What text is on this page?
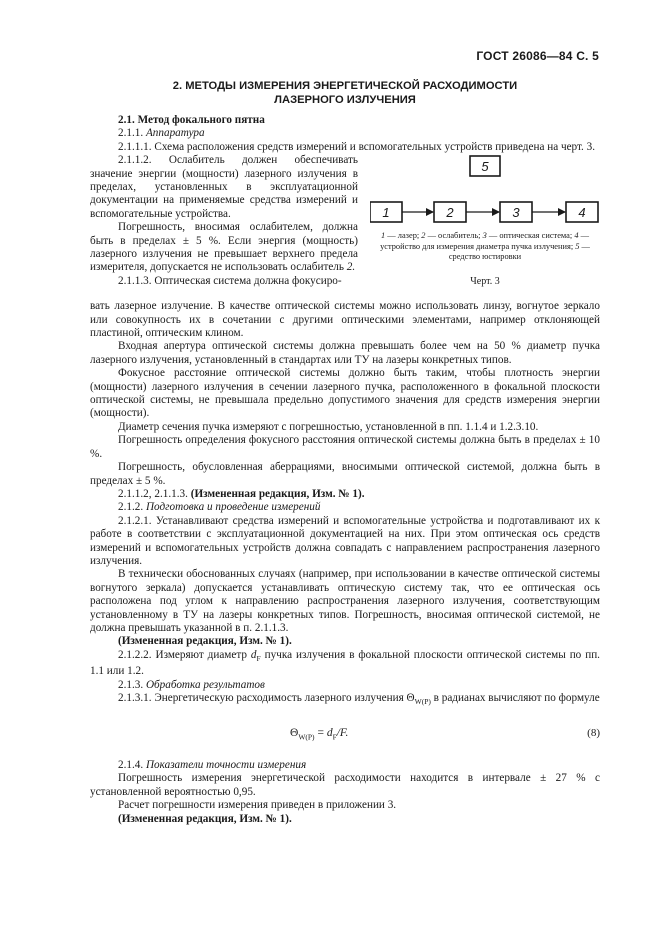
ГОСТ 26086—84 С. 5
2. МЕТОДЫ ИЗМЕРЕНИЯ ЭНЕРГЕТИЧЕСКОЙ РАСХОДИМОСТИ
ЛАЗЕРНОГО ИЗЛУЧЕНИЯ

2.1. Метод фокального пятна

2.1.1. Аппаратура

2.1.1.1. Схема расположения средств измерений и вспомогательных устройств приведена на черт. 3.

2.1.1.2. Ослабитель должен обеспечивать значение энергии (мощности) лазерного излучения в пределах, установленных в эксплуатационной документации на применяемые средства измерений и вспомогательные устройства.

Погрешность, вносимая ослабителем, должна быть в пределах ± 5 %. Если энергия (мощность) лазерного излучения не превышает верхнего предела измерителя, допускается не использовать ослабитель 2.

2.1.1.3. Оптическая система должна фокусиро-

5
1	2	3	4
1 — лазер; 2 — ослабитель; 3 — оптическая система; 4 — устройство для измерения диаметра пучка излучения; 5 — средство юстировки
Черт. 3

вать лазерное излучение. В качестве оптической системы можно использовать линзу, вогнутое зеркало или совокупность их в сочетании с другими оптическими элементами, например отклоняющей пластиной, оптическим клином.

Входная апертура оптической системы должна превышать более чем на 50 % диаметр пучка лазерного излучения, установленный в стандартах или ТУ на лазеры конкретных типов.

Фокусное расстояние оптической системы должно быть таким, чтобы плотность энергии (мощности) лазерного излучения в сечении лазерного пучка, расположенного в фокальной плоскости оптической системы, не превышала предельно допустимого значения для средств измерения энергии (мощности).

Диаметр сечения пучка измеряют с погрешностью, установленной в пп. 1.1.4 и 1.2.3.10.

Погрешность определения фокусного расстояния оптической системы должна быть в пределах ± 10 %.

Погрешность, обусловленная аберрациями, вносимыми оптической системой, должна быть в пределах ± 5 %.

2.1.1.2, 2.1.1.3. (Измененная редакция, Изм. № 1).

2.1.2. Подготовка и проведение измерений

2.1.2.1. Устанавливают средства измерений и вспомогательные устройства и подготавливают их к работе в соответствии с эксплуатационной документацией на них. При этом оптическая ось средств измерений и вспомогательных устройств должна совпадать с направлением распространения лазерного излучения.

В технически обоснованных случаях (например, при использовании в качестве оптической системы вогнутого зеркала) допускается устанавливать оптическую систему так, что ее оптическая ось расположена под углом к направлению распространения лазерного излучения, соответствующим установленному в ТУ на лазеры конкретных типов. Погрешность, вносимая оптической системой, не должна превышать указанной в п. 2.1.1.3.

(Измененная редакция, Изм. № 1).

2.1.2.2. Измеряют диаметр $d_F$ пучка излучения в фокальной плоскости оптической системы по пп. 1.1 или 1.2.

2.1.3. Обработка результатов

2.1.3.1. Энергетическую расходимость лазерного излучения $\Theta_{W(P)}$ в радианах вычисляют по формуле

$\Theta_{W(P)} = d_F/F$.	(8)

2.1.4. Показатели точности измерения

Погрешность измерения энергетической расходимости находится в интервале ± 27 % с установленной вероятностью 0,95.

Расчет погрешности измерения приведен в приложении 3.

(Измененная редакция, Изм. № 1).
